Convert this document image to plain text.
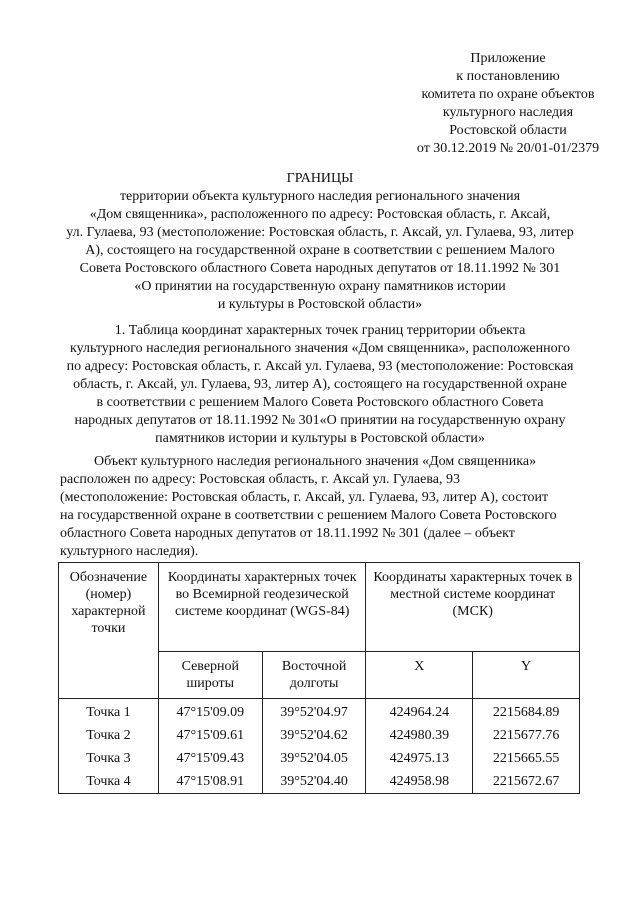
Приложение
к постановлению
комитета по охране объектов
культурного наследия
Ростовской области
от 30.12.2019 № 20/01-01/2379
ГРАНИЦЫ
территории объекта культурного наследия регионального значения
«Дом священника», расположенного по адресу: Ростовская область, г. Аксай,
ул. Гулаева, 93 (местоположение: Ростовская область, г. Аксай, ул. Гулаева, 93, литер
А), состоящего на государственной охране в соответствии с решением Малого
Совета Ростовского областного Совета народных депутатов от 18.11.1992 № 301
«О принятии на государственную охрану памятников истории
и культуры в Ростовской области»
1. Таблица координат характерных точек границ территории объекта
культурного наследия регионального значения «Дом священника», расположенного
по адресу: Ростовская область, г. Аксай ул. Гулаева, 93 (местоположение: Ростовская
область, г. Аксай, ул. Гулаева, 93, литер А), состоящего на государственной охране
в соответствии с решением Малого Совета Ростовского областного Совета
народных депутатов от 18.11.1992 № 301«О принятии на государственную охрану
памятников истории и культуры в Ростовской области»
Объект культурного наследия регионального значения «Дом священника»
расположен по адресу: Ростовская область, г. Аксай ул. Гулаева, 93
(местоположение: Ростовская область, г. Аксай, ул. Гулаева, 93, литер А), состоит
на государственной охране в соответствии с решением Малого Совета Ростовского
областного Совета народных депутатов от 18.11.1992 № 301 (далее – объект
культурного наследия).
Обозначение (номер) характерной точки	Координаты характерных точек во Всемирной геодезической системе координат (WGS-84)		Координаты характерных точек в местной системе координат (МСК)	
	Северной широты	Восточной долготы	X	Y
Точка 1	47°15'09.09	39°52'04.97	424964.24	2215684.89
Точка 2	47°15'09.61	39°52'04.62	424980.39	2215677.76
Точка 3	47°15'09.43	39°52'04.05	424975.13	2215665.55
Точка 4	47°15'08.91	39°52'04.40	424958.98	2215672.67
